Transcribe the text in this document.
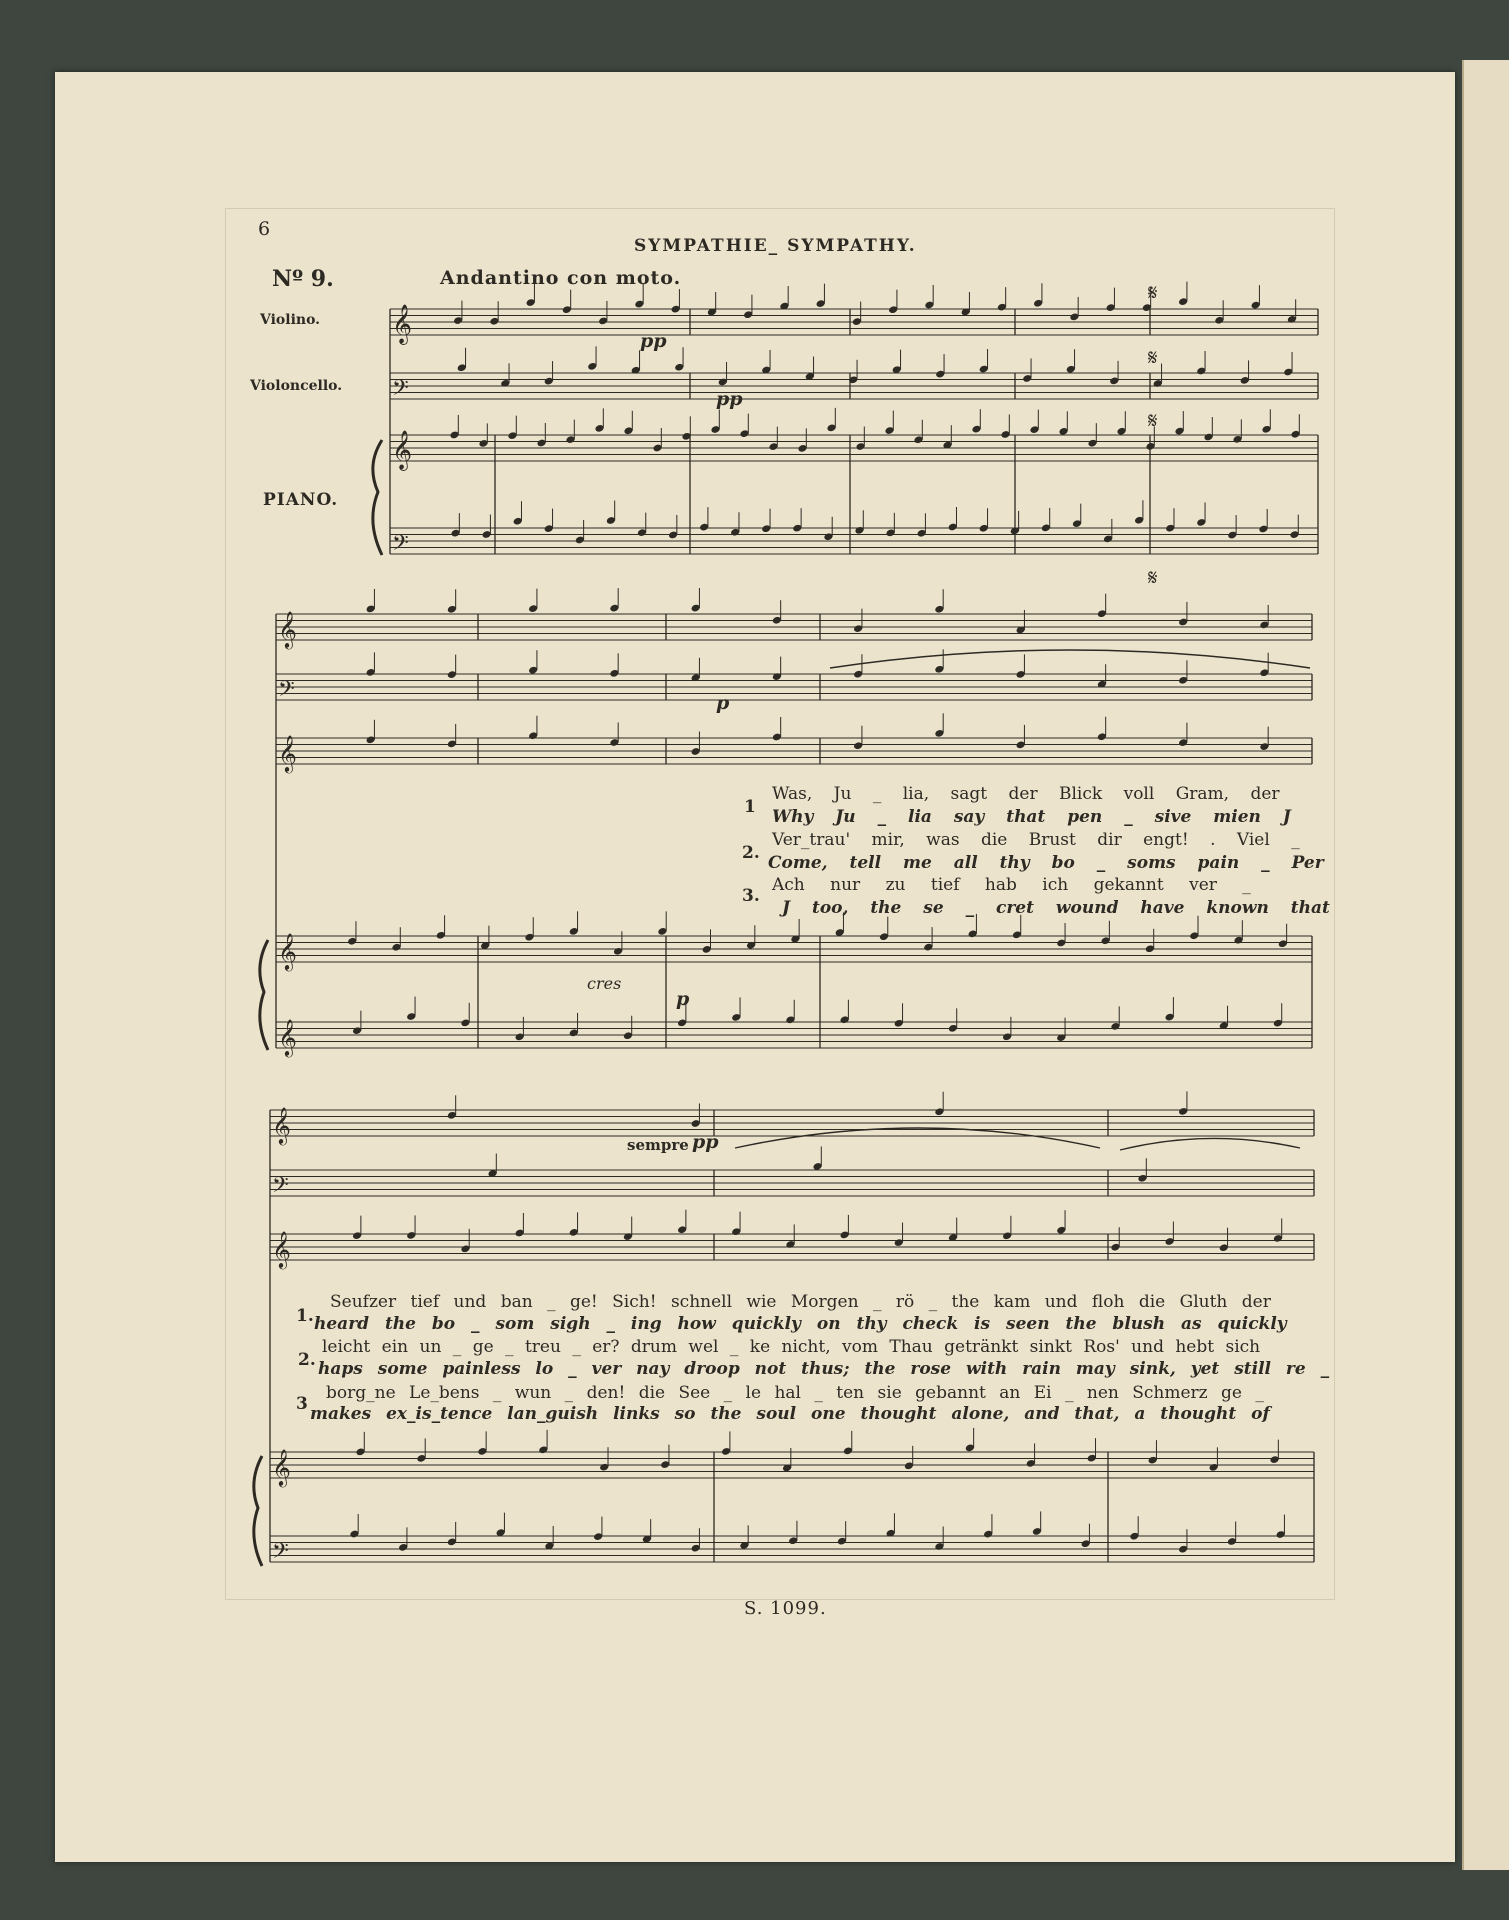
𝄞
𝄢
𝄞
𝄢
𝄞
𝄢
𝄞
𝄞
𝄞
𝄞
𝄢
𝄞
𝄞
𝄢
𝄋
𝄋
𝄋
𝄋
6
SYMPATHIE_ SYMPATHY.
Nº 9.	Andantino con moto.
Violino.
Violoncello.
PIANO.
pp
pp
p
cres
p
sempre pp
1
Was, Ju _ lia, sagt der Blick voll Gram, der
Why Ju _ lia say that pen _ sive mien J
2.
Ver_trau' mir, was die Brust dir engt! . Viel _
Come, tell me all thy bo _ soms pain _ Per
3.
Ach nur zu tief hab ich gekannt ver _
J too, the se _ cret wound have known that
1.
Seufzer tief und ban _ ge! Sich! schnell wie Morgen _ rö _ the kam und floh die Gluth der
heard the bo _ som sigh _ ing how quickly on thy check is seen the blush as quickly
2.
leicht ein un _ ge _ treu _ er? drum wel _ ke nicht, vom Thau getränkt sinkt Ros' und hebt sich
haps some painless lo _ ver nay droop not thus; the rose with rain may sink, yet still re _
3
borg_ne Le_bens _ wun _ den! die See _ le hal _ ten sie gebannt an Ei _ nen Schmerz ge _
makes ex_is_tence lan_guish links so the soul one thought alone, and that, a thought of
S. 1099.
